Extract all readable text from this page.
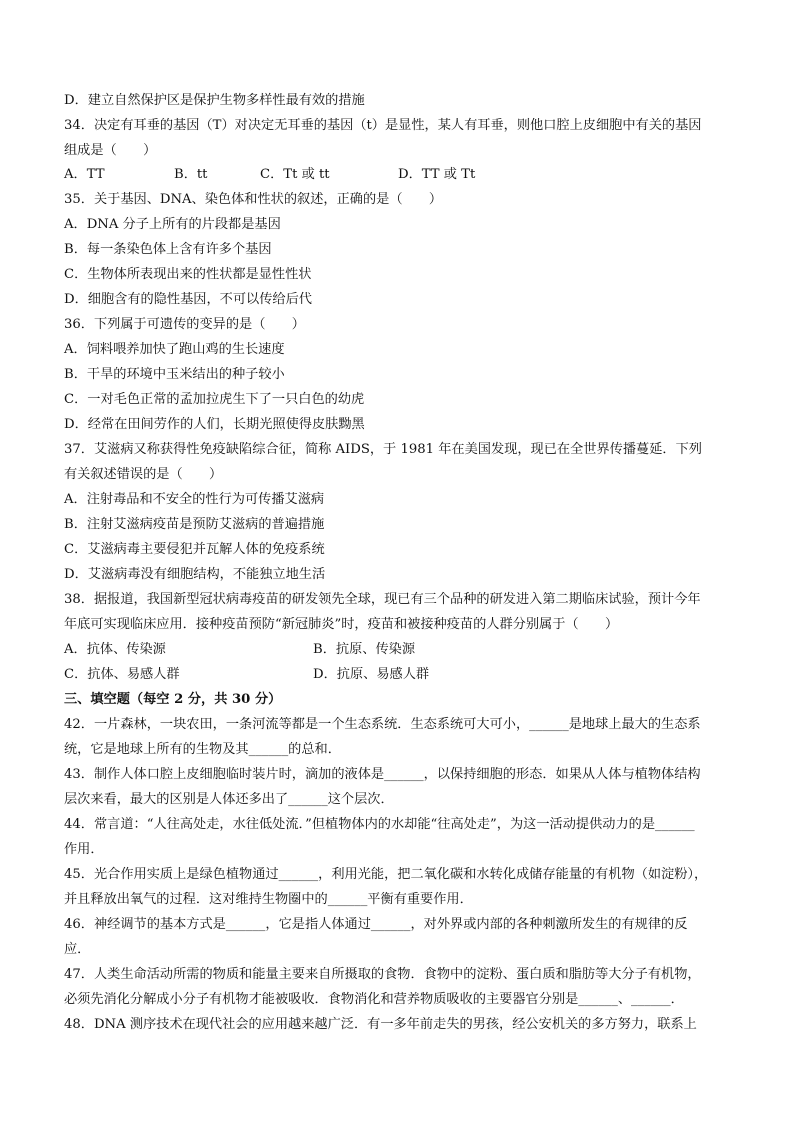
D．建立自然保护区是保护生物多样性最有效的措施
34．决定有耳垂的基因（T）对决定无耳垂的基因（t）是显性，某人有耳垂，则他口腔上皮细胞中有关的基因
组成是（　　）
A．TT	B．tt	C．Tt 或 tt	D．TT 或 Tt
35．关于基因、DNA、染色体和性状的叙述，正确的是（　　）
A．DNA 分子上所有的片段都是基因
B．每一条染色体上含有许多个基因
C．生物体所表现出来的性状都是显性性状
D．细胞含有的隐性基因，不可以传给后代
36．下列属于可遗传的变异的是（　　）
A．饲料喂养加快了跑山鸡的生长速度
B．干旱的环境中玉米结出的种子较小
C．一对毛色正常的孟加拉虎生下了一只白色的幼虎
D．经常在田间劳作的人们，长期光照使得皮肤黝黑
37．艾滋病又称获得性免疫缺陷综合征，简称 AIDS，于 1981 年在美国发现，现已在全世界传播蔓延．下列
有关叙述错误的是（　　）
A．注射毒品和不安全的性行为可传播艾滋病
B．注射艾滋病疫苗是预防艾滋病的普遍措施
C．艾滋病毒主要侵犯并瓦解人体的免疫系统
D．艾滋病毒没有细胞结构，不能独立地生活
38．据报道，我国新型冠状病毒疫苗的研发领先全球，现已有三个品种的研发进入第二期临床试验，预计今年
年底可实现临床应用．接种疫苗预防“新冠肺炎”时，疫苗和被接种疫苗的人群分别属于（　　）
A．抗体、传染源	B．抗原、传染源
C．抗体、易感人群	D．抗原、易感人群
三、填空题（每空 2 分，共 30 分）
42．一片森林，一块农田，一条河流等都是一个生态系统．生态系统可大可小，______是地球上最大的生态系
统，它是地球上所有的生物及其______的总和．
43．制作人体口腔上皮细胞临时装片时，滴加的液体是______，以保持细胞的形态．如果从人体与植物体结构
层次来看，最大的区别是人体还多出了______这个层次．
44．常言道：“人往高处走，水往低处流．”但植物体内的水却能“往高处走”，为这一活动提供动力的是______
作用．
45．光合作用实质上是绿色植物通过______，利用光能，把二氧化碳和水转化成储存能量的有机物（如淀粉），
并且释放出氧气的过程．这对维持生物圈中的______平衡有重要作用．
46．神经调节的基本方式是______，它是指人体通过______，对外界或内部的各种刺激所发生的有规律的反
应．
47．人类生命活动所需的物质和能量主要来自所摄取的食物．食物中的淀粉、蛋白质和脂肪等大分子有机物，
必须先消化分解成小分子有机物才能被吸收．食物消化和营养物质吸收的主要器官分别是______、______．
48．DNA 测序技术在现代社会的应用越来越广泛．有一多年前走失的男孩，经公安机关的多方努力，联系上
